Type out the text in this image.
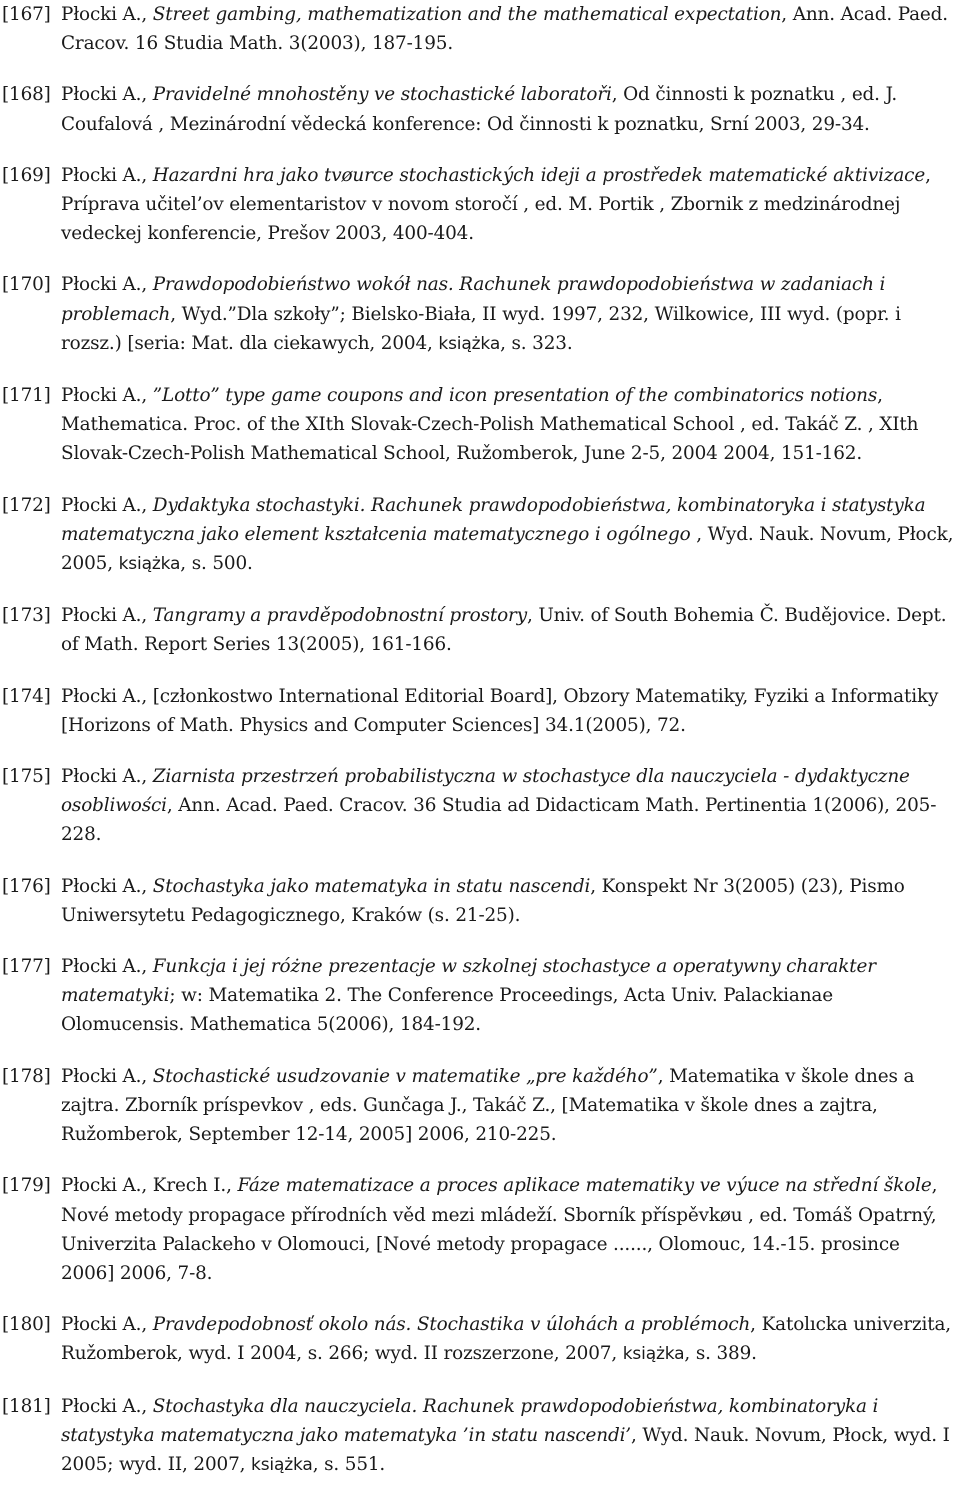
[167] Płocki A., Street gambing, mathematization and the mathematical expectation, Ann. Acad. Paed. Cracov. 16 Studia Math. 3(2003), 187-195.
[168] Płocki A., Pravidelné mnohostěny ve stochastické laboratoři, Od činnosti k poznatku , ed. J. Coufalová , Mezinárodní vědecká konference: Od činnosti k poznatku, Srní 2003, 29-34.
[169] Płocki A., Hazardni hra jako tvøurce stochastických ideji a prostředek matematické aktivizace, Príprava učitel’ov elementaristov v novom storočí , ed. M. Portik , Zbornik z medzinárodnej vedeckej konferencie, Prešov 2003, 400-404.
[170] Płocki A., Prawdopodobieństwo wokół nas. Rachunek prawdopodobieństwa w zadaniach i problemach, Wyd.”Dla szkoły”; Bielsko-Biała, II wyd. 1997, 232, Wilkowice, III wyd. (popr. i rozsz.) [seria: Mat. dla ciekawych, 2004, książka, s. 323.
[171] Płocki A., ”Lotto” type game coupons and icon presentation of the combinatorics notions, Mathematica. Proc. of the XIth Slovak-Czech-Polish Mathematical School , ed. Takáč Z. , XIth Slovak-Czech-Polish Mathematical School, Ružomberok, June 2-5, 2004 2004, 151-162.
[172] Płocki A., Dydaktyka stochastyki. Rachunek prawdopodobieństwa, kombinatoryka i statystyka matematyczna jako element kształcenia matematycznego i ogólnego , Wyd. Nauk. Novum, Płock, 2005, książka, s. 500.
[173] Płocki A., Tangramy a pravděpodobnostní prostory, Univ. of South Bohemia Č. Budějovice. Dept. of Math. Report Series 13(2005), 161-166.
[174] Płocki A., [członkostwo International Editorial Board], Obzory Matematiky, Fyziki a Informatiky [Horizons of Math. Physics and Computer Sciences] 34.1(2005), 72.
[175] Płocki A., Ziarnista przestrzeń probabilistyczna w stochastyce dla nauczyciela - dydaktyczne osobliwości, Ann. Acad. Paed. Cracov. 36 Studia ad Didacticam Math. Pertinentia 1(2006), 205-228.
[176] Płocki A., Stochastyka jako matematyka in statu nascendi, Konspekt Nr 3(2005) (23), Pismo Uniwersytetu Pedagogicznego, Kraków (s. 21-25).
[177] Płocki A., Funkcja i jej różne prezentacje w szkolnej stochastyce a operatywny charakter matematyki; w: Matematika 2. The Conference Proceedings, Acta Univ. Palackianae Olomucensis. Mathematica 5(2006), 184-192.
[178] Płocki A., Stochastické usudzovanie v matematike „pre každého”, Matematika v škole dnes a zajtra. Zborník príspevkov , eds. Gunčaga J., Takáč Z., [Matematika v škole dnes a zajtra, Ružomberok, September 12-14, 2005] 2006, 210-225.
[179] Płocki A., Krech I., Fáze matematizace a proces aplikace matematiky ve výuce na střední škole, Nové metody propagace přírodních věd mezi mládeží. Sborník příspěvkøu , ed. Tomáš Opatrný, Univerzita Palackeho v Olomouci, [Nové metody propagace ......, Olomouc, 14.-15. prosince 2006] 2006, 7-8.
[180] Płocki A., Pravdepodobnosť okolo nás. Stochastika v úlohách a problémoch, Katolıcka univerzita, Ružomberok, wyd. I 2004, s. 266; wyd. II rozszerzone, 2007, książka, s. 389.
[181] Płocki A., Stochastyka dla nauczyciela. Rachunek prawdopodobieństwa, kombinatoryka i statystyka matematyczna jako matematyka ’in statu nascendi’, Wyd. Nauk. Novum, Płock, wyd. I 2005; wyd. II, 2007, książka, s. 551.
